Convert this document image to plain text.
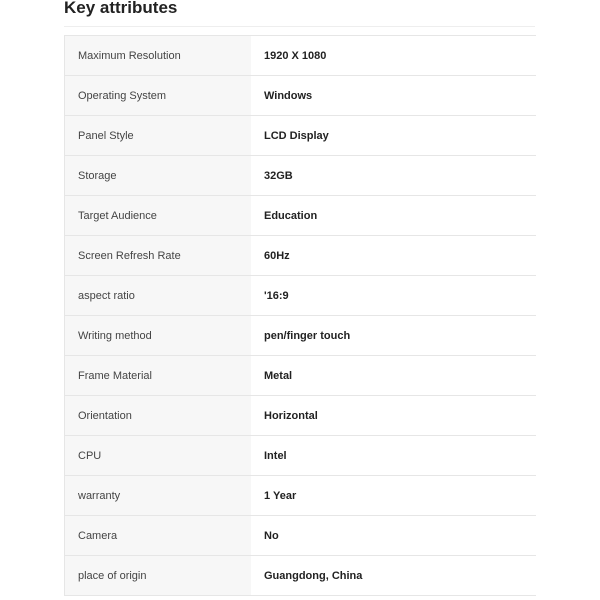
Key attributes
Maximum Resolution	1920 X 1080
Operating System	Windows
Panel Style	LCD Display
Storage	32GB
Target Audience	Education
Screen Refresh Rate	60Hz
aspect ratio	'16:9
Writing method	pen/finger touch
Frame Material	Metal
Orientation	Horizontal
CPU	Intel
warranty	1 Year
Camera	No
place of origin	Guangdong, China
